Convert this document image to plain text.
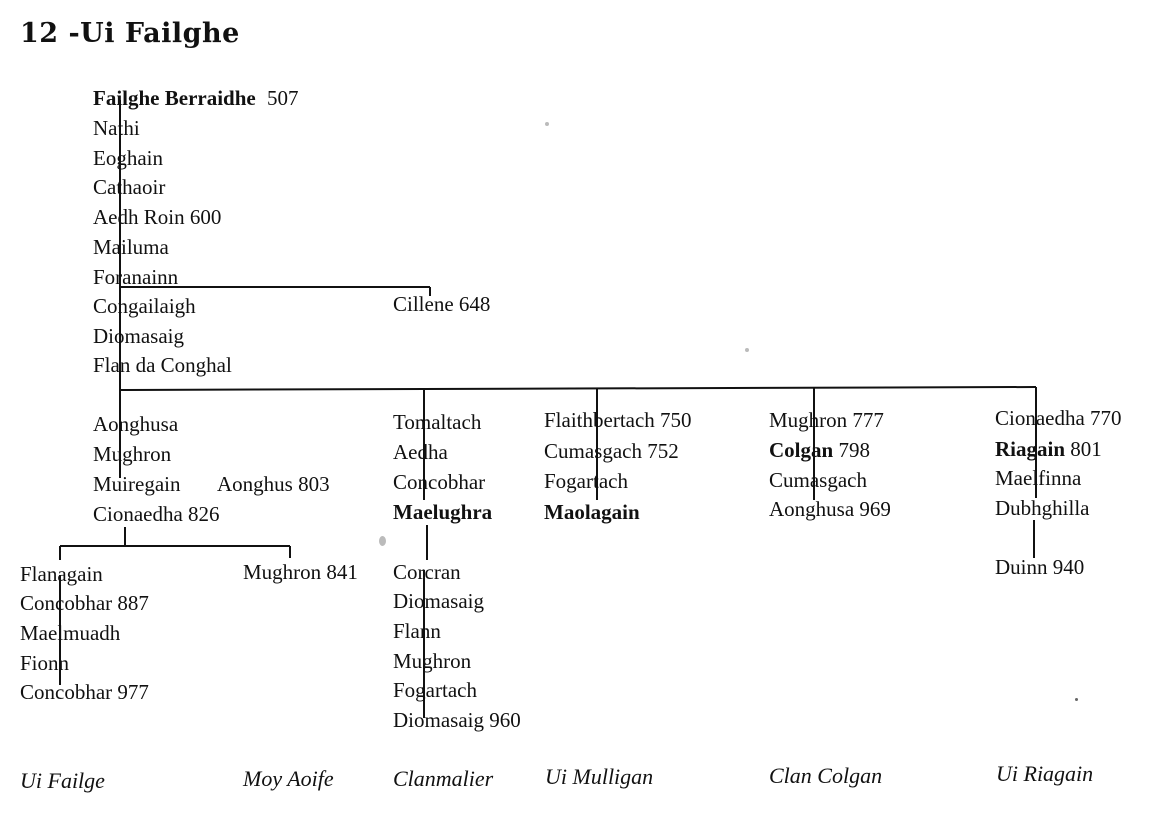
12 -Ui Failghe
Failghe Berraidhe 507
Nathi
Eoghain
Cathaoir
Aedh Roin 600
Mailuma
Foranainn
Congailaigh	Cillene 648
Diomasaig
Flan da Conghal
Aonghusa
Mughron
Muiregain Aonghus 803
Cionaedha 826
Flanagain	Mughron 841
Concobhar 887
Maelmuadh
Fionn
Concobhar 977
Tomaltach
Aedha
Concobhar
Maelughra
Corcran
Diomasaig
Flann
Mughron
Fogartach
Diomasaig 960
Flaithbertach 750
Cumasgach 752
Fogartach
Maolagain
Mughron 777
Colgan 798
Cumasgach
Aonghusa 969
Cionaedha 770
Riagain 801
Maelfinna
Dubhghilla
Duinn 940
Ui Failge	Moy Aoife	Clanmalier Ui Mulligan	Clan Colgan	Ui Riagain
